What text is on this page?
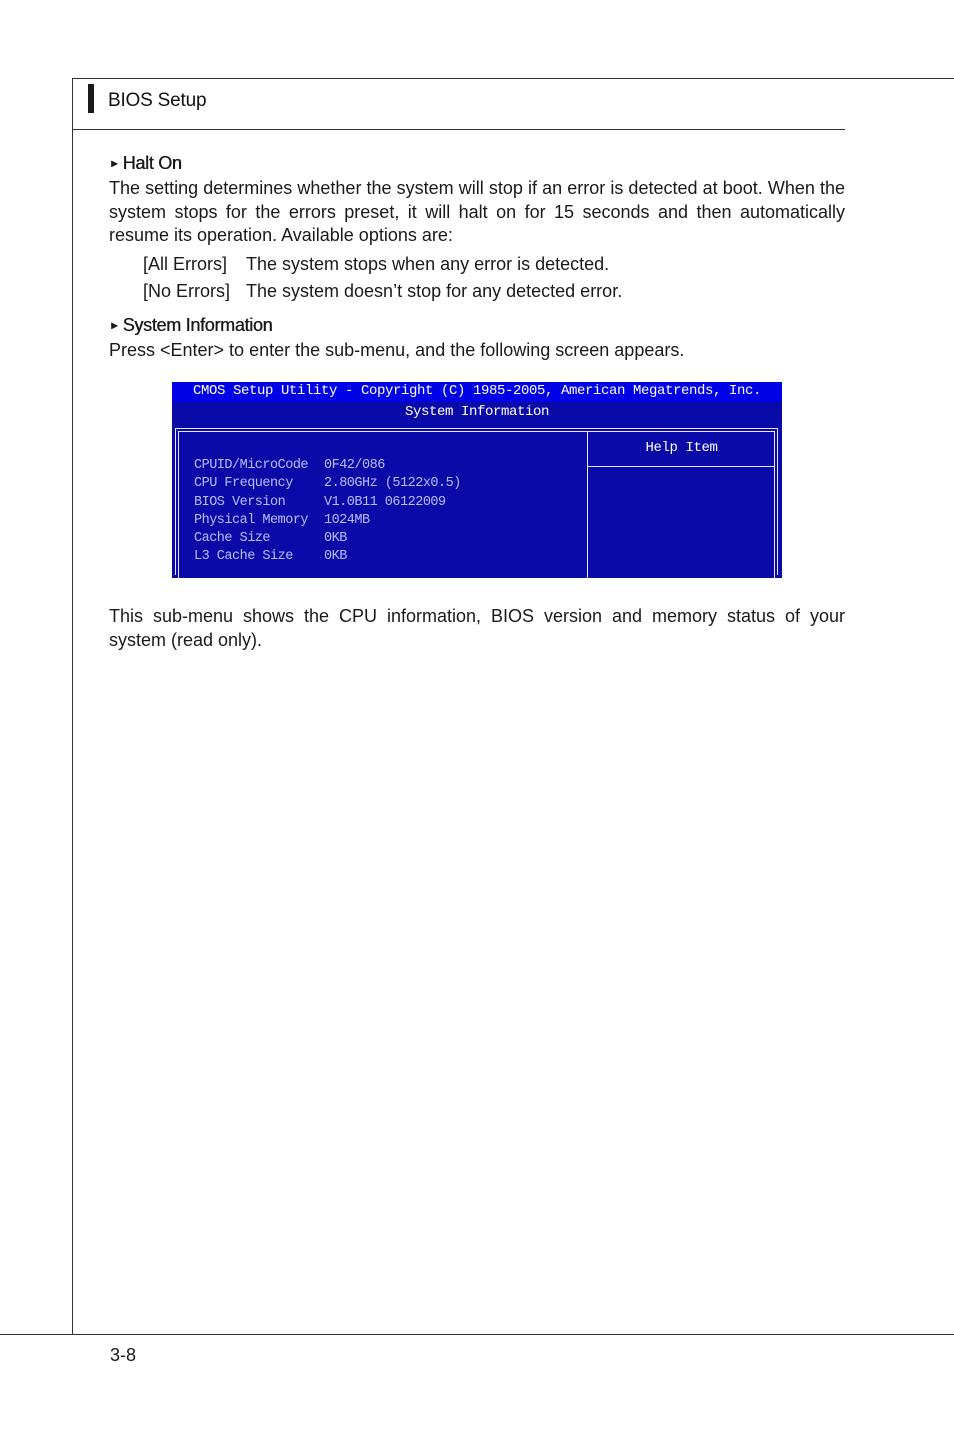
BIOS Setup
► Halt On

The setting determines whether the system will stop if an error is detected at boot. When the system stops for the errors preset, it will halt on for 15 seconds and then automatically resume its operation. Available options are:

[All Errors]	The system stops when any error is detected.
[No Errors] The system doesn’t stop for any detected error.
► System Information

Press <Enter> to enter the sub-menu, and the following screen appears.

CMOS Setup Utility - Copyright (C) 1985-2005, American Megatrends, Inc.
System Information
Help Item
CPUID/MicroCode	0F42/086
CPU Frequency	2.80GHz (5122x0.5)
BIOS Version	V1.0B11 06122009
Physical Memory	1024MB
Cache Size	0KB
L3 Cache Size	0KB

This sub-menu shows the CPU information, BIOS version and memory status of your system (read only).

3-8
